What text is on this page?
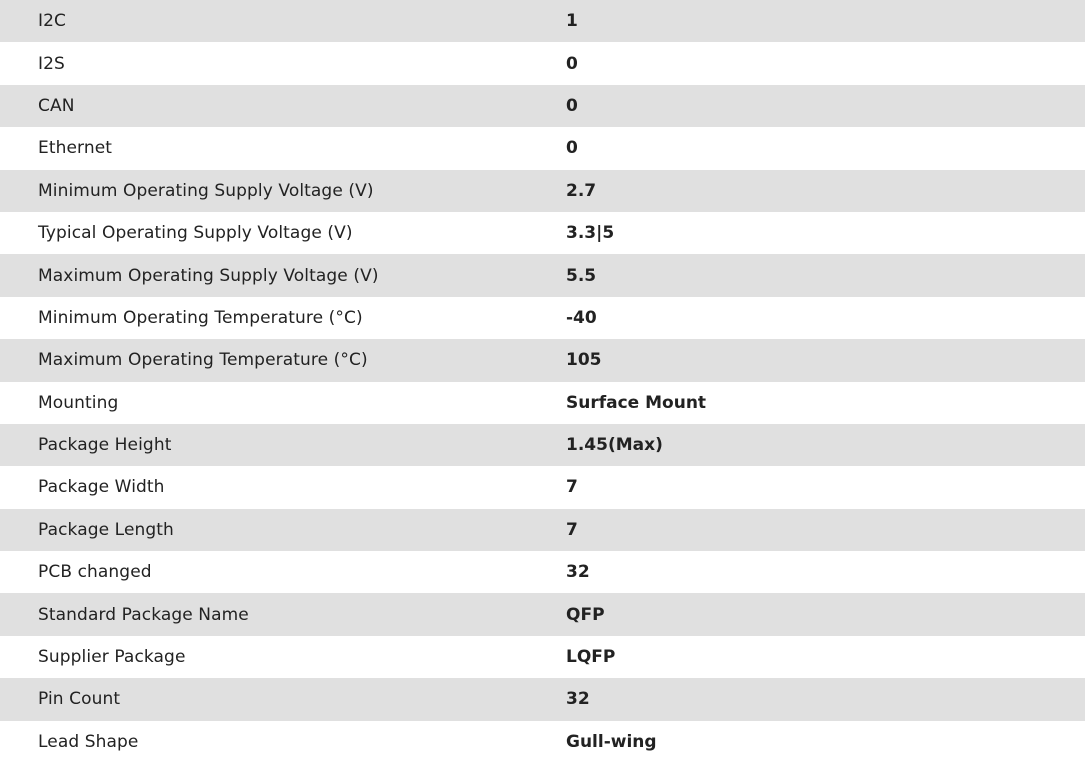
I2C	1
I2S	0
CAN	0
Ethernet	0
Minimum Operating Supply Voltage (V)	2.7
Typical Operating Supply Voltage (V)	3.3|5
Maximum Operating Supply Voltage (V)	5.5
Minimum Operating Temperature (°C)	-40
Maximum Operating Temperature (°C)	105
Mounting	Surface Mount
Package Height	1.45(Max)
Package Width	7
Package Length	7
PCB changed	32
Standard Package Name	QFP
Supplier Package	LQFP
Pin Count	32
Lead Shape	Gull-wing
